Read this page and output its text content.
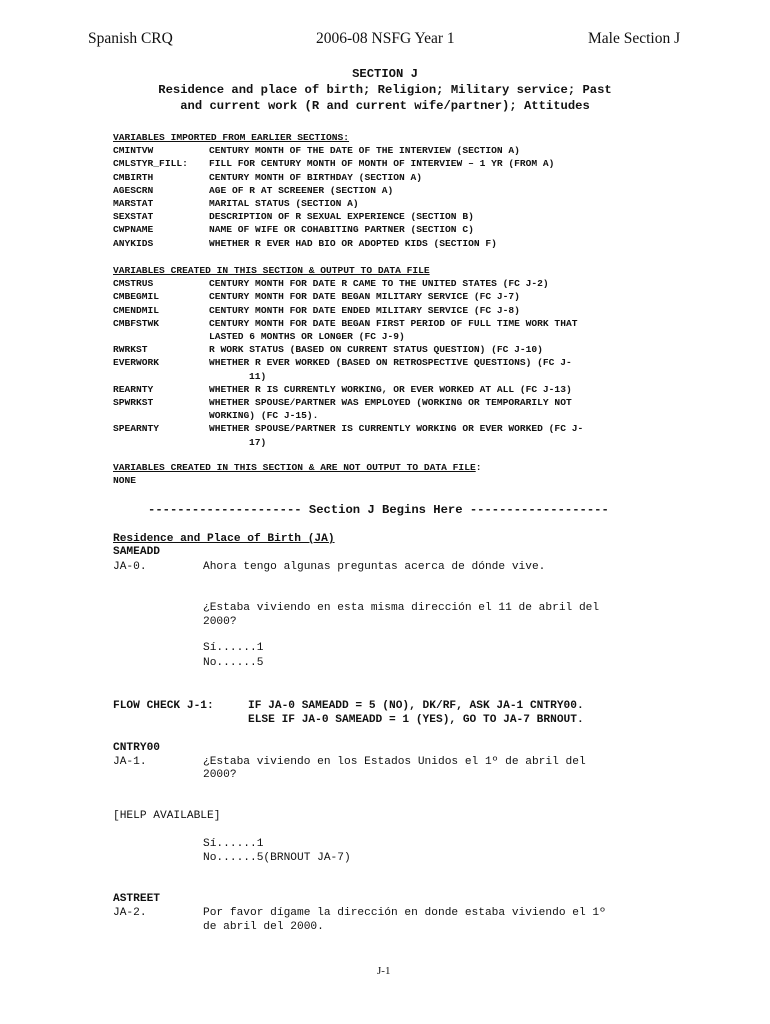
Spanish CRQ	2006-08 NSFG Year 1	Male Section J
SECTION J
Residence and place of birth; Religion; Military service; Past
and current work (R and current wife/partner); Attitudes
VARIABLES IMPORTED FROM EARLIER SECTIONS:
CMINTVW	CENTURY MONTH OF THE DATE OF THE INTERVIEW (SECTION A)
CMLSTYR_FILL:	FILL FOR CENTURY MONTH OF MONTH OF INTERVIEW – 1 YR (FROM A)
CMBIRTH	CENTURY MONTH OF BIRTHDAY (SECTION A)
AGESCRN	AGE OF R AT SCREENER (SECTION A)
MARSTAT	MARITAL STATUS (SECTION A)
SEXSTAT	DESCRIPTION OF R SEXUAL EXPERIENCE (SECTION B)
CWPNAME	NAME OF WIFE OR COHABITING PARTNER (SECTION C)
ANYKIDS	WHETHER R EVER HAD BIO OR ADOPTED KIDS (SECTION F)
VARIABLES CREATED IN THIS SECTION & OUTPUT TO DATA FILE
CMSTRUS	CENTURY MONTH FOR DATE R CAME TO THE UNITED STATES (FC J-2)
CMBEGMIL	CENTURY MONTH FOR DATE BEGAN MILITARY SERVICE (FC J-7)
CMENDMIL	CENTURY MONTH FOR DATE ENDED MILITARY SERVICE (FC J-8)
CMBFSTWK	CENTURY MONTH FOR DATE BEGAN FIRST PERIOD OF FULL TIME WORK THAT
LASTED 6 MONTHS OR LONGER (FC J-9)
RWRKST	R WORK STATUS (BASED ON CURRENT STATUS QUESTION) (FC J-10)
EVERWORK	WHETHER R EVER WORKED (BASED ON RETROSPECTIVE QUESTIONS) (FC J-
11)
REARNTY	WHETHER R IS CURRENTLY WORKING, OR EVER WORKED AT ALL (FC J-13)
SPWRKST	WHETHER SPOUSE/PARTNER WAS EMPLOYED (WORKING OR TEMPORARILY NOT
WORKING) (FC J-15).
SPEARNTY	WHETHER SPOUSE/PARTNER IS CURRENTLY WORKING OR EVER WORKED (FC J-
17)
VARIABLES CREATED IN THIS SECTION & ARE NOT OUTPUT TO DATA FILE:
NONE
--------------------- Section J Begins Here -------------------
Residence and Place of Birth (JA)
SAMEADD
JA-0.	Ahora tengo algunas preguntas acerca de dónde vive.
¿Estaba viviendo en esta misma dirección el 11 de abril del
2000?
Sí......1
No......5
FLOW CHECK J-1:	IF JA-0 SAMEADD = 5 (NO), DK/RF, ASK JA-1 CNTRY00.
ELSE IF JA-0 SAMEADD = 1 (YES), GO TO JA-7 BRNOUT.
CNTRY00
JA-1.	¿Estaba viviendo en los Estados Unidos el 1º de abril del
2000?
[HELP AVAILABLE]
Sí......1
No......5(BRNOUT JA-7)
ASTREET
JA-2.	Por favor dígame la dirección en donde estaba viviendo el 1º
de abril del 2000.
J-1
